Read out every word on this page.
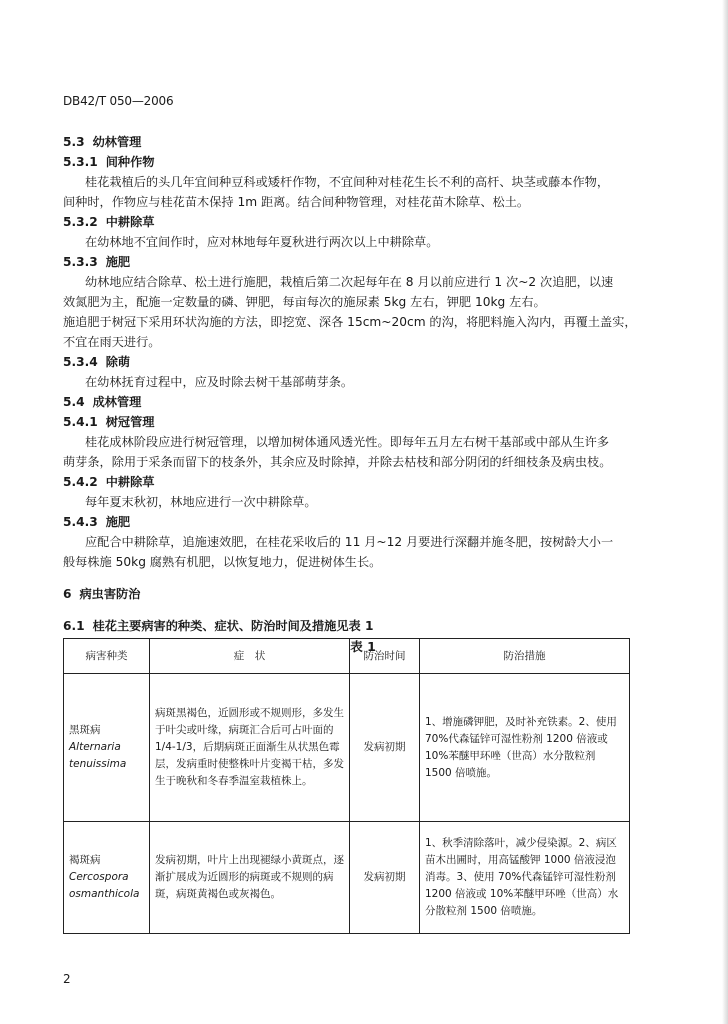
DB42/T 050—2006
5.3 幼林管理
5.3.1 间种作物
桂花栽植后的头几年宜间种豆科或矮杆作物，不宜间种对桂花生长不利的高杆、块茎或藤本作物，
间种时，作物应与桂花苗木保持 1m 距离。结合间种物管理，对桂花苗木除草、松土。
5.3.2 中耕除草
在幼林地不宜间作时，应对林地每年夏秋进行两次以上中耕除草。
5.3.3 施肥
幼林地应结合除草、松土进行施肥，栽植后第二次起每年在 8 月以前应进行 1 次~2 次追肥，以速
效氮肥为主，配施一定数量的磷、钾肥，每亩每次的施尿素 5kg 左右，钾肥 10kg 左右。
施追肥于树冠下采用环状沟施的方法，即挖宽、深各 15cm~20cm 的沟，将肥料施入沟内，再覆土盖实，
不宜在雨天进行。
5.3.4 除萌
在幼林抚育过程中，应及时除去树干基部萌芽条。
5.4 成林管理
5.4.1 树冠管理
桂花成林阶段应进行树冠管理，以增加树体通风透光性。即每年五月左右树干基部或中部从生许多
萌芽条，除用于采条而留下的枝条外，其余应及时除掉，并除去枯枝和部分阴闭的纤细枝条及病虫枝。
5.4.2 中耕除草
每年夏末秋初，林地应进行一次中耕除草。
5.4.3 施肥
应配合中耕除草，追施速效肥，在桂花采收后的 11 月~12 月要进行深翻并施冬肥，按树龄大小一
般每株施 50kg 腐熟有机肥，以恢复地力，促进树体生长。
6 病虫害防治
6.1 桂花主要病害的种类、症状、防治时间及措施见表 1
表 1
病害种类	症　状	防治时间	防治措施
黑斑病
Alternaria tenuissima	病斑黑褐色，近圆形或不规则形，多发生于叶尖或叶缘，病斑汇合后可占叶面的 1/4-1/3，后期病斑正面渐生从状黑色霉层，发病重时使整株叶片变褐干枯，多发生于晚秋和冬春季温室栽植株上。	发病初期	1、增施磷钾肥，及时补充铁素。2、使用 70%代森锰锌可湿性粉剂 1200 倍液或 10%苯醚甲环唑（世高）水分散粒剂 1500 倍喷施。
褐斑病
Cercospora osmanthicola	发病初期，叶片上出现褪绿小黄斑点，逐渐扩展成为近圆形的病斑或不规则的病斑，病斑黄褐色或灰褐色。	发病初期	1、秋季清除落叶，减少侵染源。2、病区苗木出圃时，用高锰酸钾 1000 倍液浸泡消毒。3、使用 70%代森锰锌可湿性粉剂 1200 倍液或 10%苯醚甲环唑（世高）水分散粒剂 1500 倍喷施。
2
